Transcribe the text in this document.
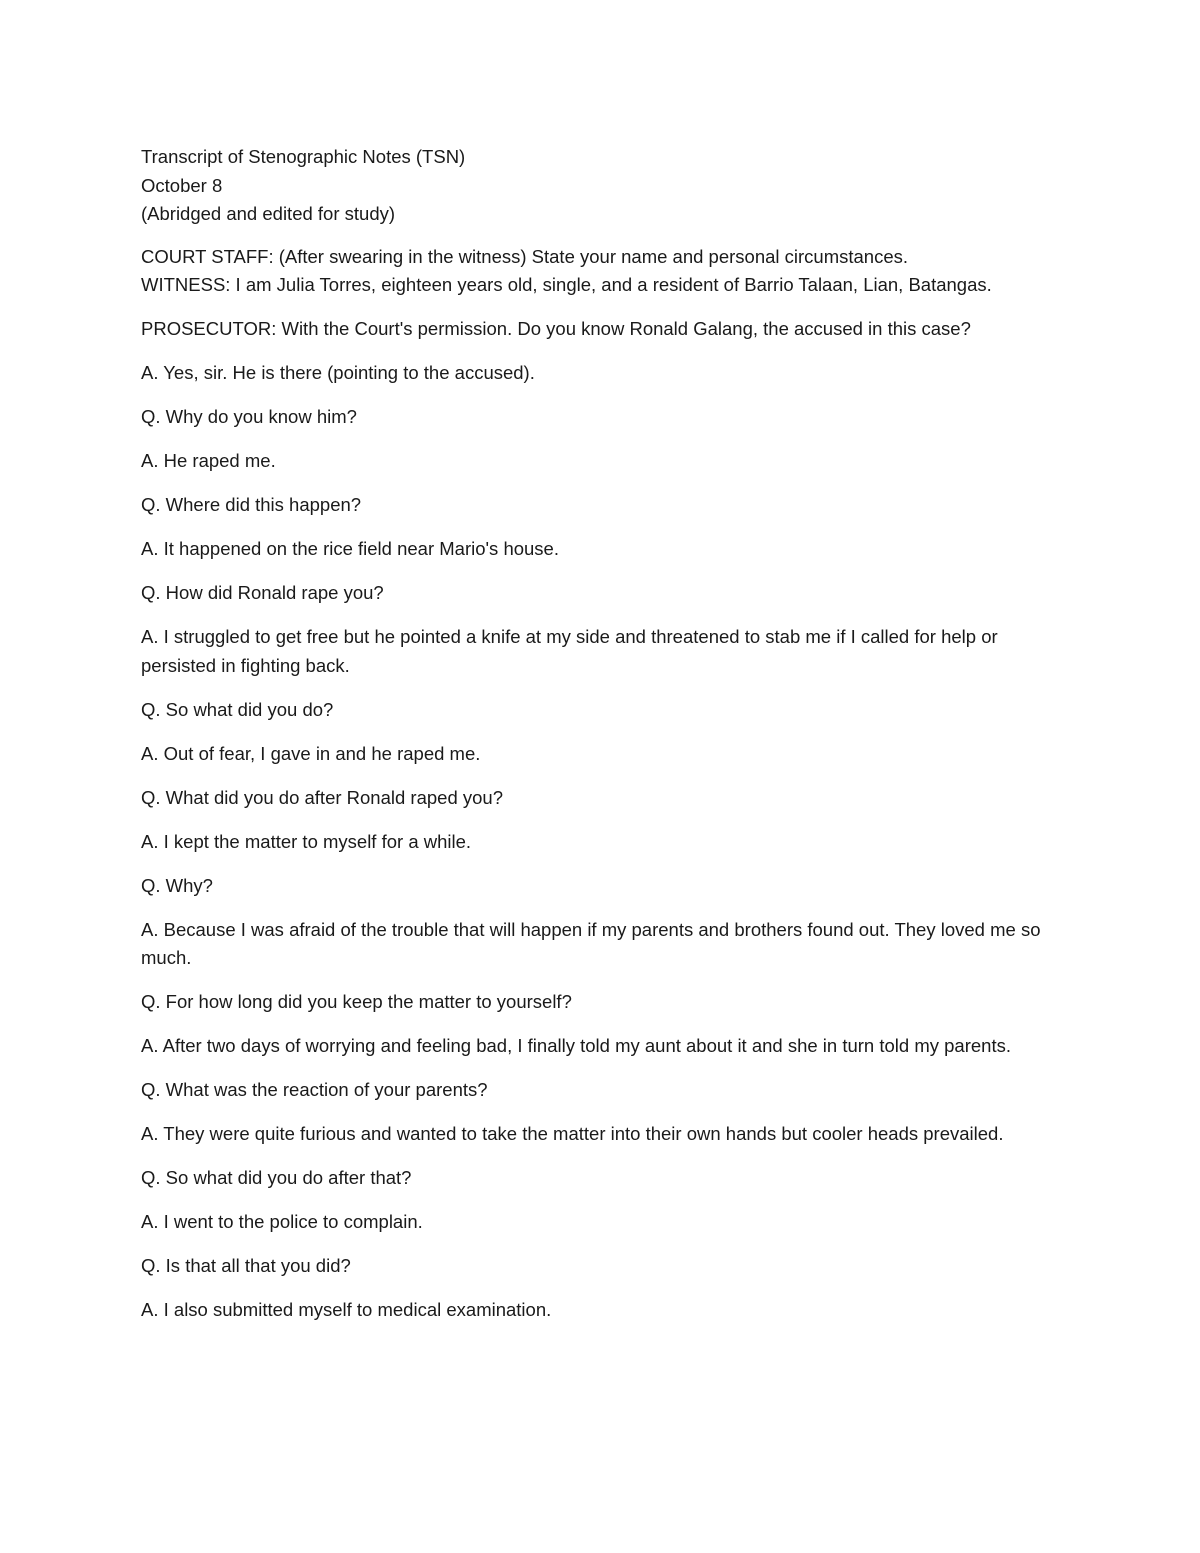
Transcript of Stenographic Notes (TSN)

October 8

(Abridged and edited for study)

COURT STAFF: (After swearing in the witness) State your name and personal circumstances.

WITNESS: I am Julia Torres, eighteen years old, single, and a resident of Barrio Talaan, Lian, Batangas.

PROSECUTOR: With the Court's permission. Do you know Ronald Galang, the accused in this case?

A. Yes, sir. He is there (pointing to the accused).

Q. Why do you know him?

A. He raped me.

Q. Where did this happen?

A. It happened on the rice field near Mario's house.

Q. How did Ronald rape you?

A. I struggled to get free but he pointed a knife at my side and threatened to stab me if I called for help or persisted in fighting back.

Q. So what did you do?

A. Out of fear, I gave in and he raped me.

Q. What did you do after Ronald raped you?

A. I kept the matter to myself for a while.

Q. Why?

A. Because I was afraid of the trouble that will happen if my parents and brothers found out. They loved me so much.

Q. For how long did you keep the matter to yourself?

A. After two days of worrying and feeling bad, I finally told my aunt about it and she in turn told my parents.

Q. What was the reaction of your parents?

A. They were quite furious and wanted to take the matter into their own hands but cooler heads prevailed.

Q. So what did you do after that?

A. I went to the police to complain.

Q. Is that all that you did?

A. I also submitted myself to medical examination.
